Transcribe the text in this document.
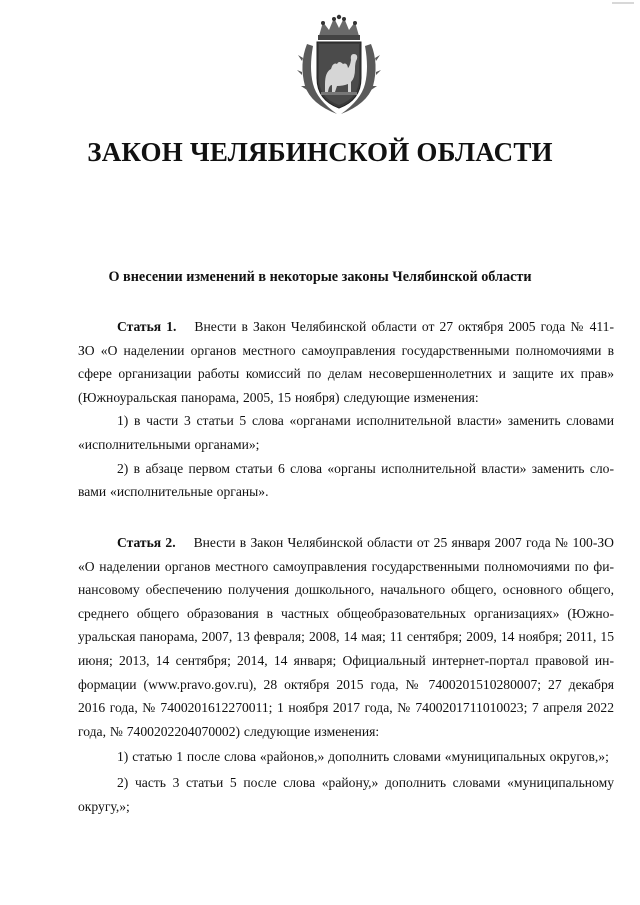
ЗАКОН ЧЕЛЯБИНСКОЙ ОБЛАСТИ
О внесении изменений в некоторые законы Челябинской области

Статья 1. Внести в Закон Челябинской области от 27 октября 2005 года № 411-ЗО «О наделении органов местного самоуправления государственными полномочиями в сфере организации работы комиссий по делам несовершеннолетних и защите их прав» (Южноуральская панорама, 2005, 15 ноября) следующие изменения:

1) в части 3 статьи 5 слова «органами исполнительной власти» заменить словами «исполнительными органами»;

2) в абзаце первом статьи 6 слова «органы исполнительной власти» заменить словами «исполнительные органы».

Статья 2. Внести в Закон Челябинской области от 25 января 2007 года № 100-ЗО «О наделении органов местного самоуправления государственными полномочиями по финансовому обеспечению получения дошкольного, начального общего, основного общего, среднего общего образования в частных общеобразовательных организациях» (Южноуральская панорама, 2007, 13 февраля; 2008, 14 мая; 11 сентября; 2009, 14 ноября; 2011, 15 июня; 2013, 14 сентября; 2014, 14 января; Официальный интернет-портал правовой информации (www.pravo.gov.ru), 28 октября 2015 года, № 7400201510280007; 27 декабря 2016 года, № 7400201612270011; 1 ноября 2017 года, № 7400201711010023; 7 апреля 2022 года, № 7400202204070002) следующие изменения:

1) статью 1 после слова «районов,» дополнить словами «муниципальных округов,»;

2) часть 3 статьи 5 после слова «району,» дополнить словами «муниципальному округу,»;
